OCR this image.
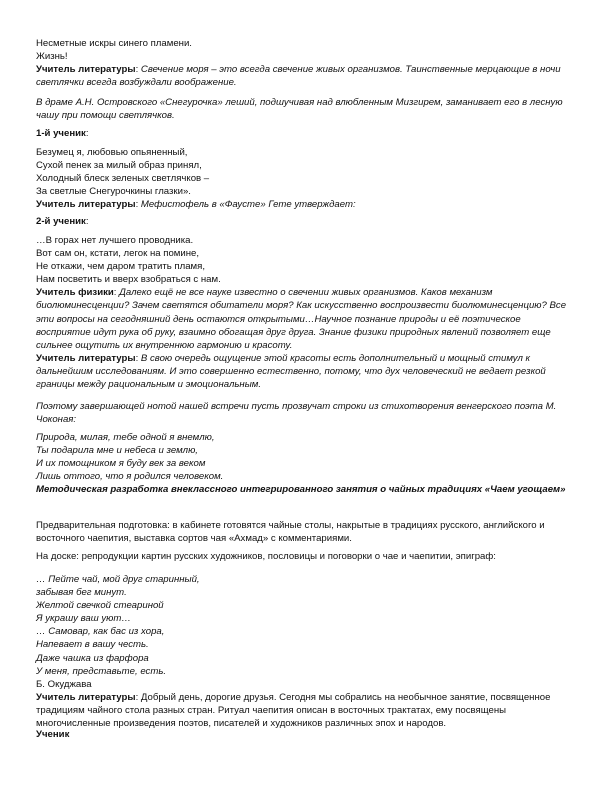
Несметные искры синего пламени.

Жизнь!

Учитель литературы: Свечение моря – это всегда свечение живых организмов. Таинственные мерцающие в ночи светлячки всегда возбуждали воображение.

В драме А.Н. Островского «Снегурочка» леший, подшучивая над влюбленным Мизгирем, заманивает его в лесную чашу при помощи светлячков.

1-й ученик:

Безумец я, любовью опьяненный,

Сухой пенек за милый образ принял,

Холодный блеск зеленых светлячков –

За светлые Снегурочкины глазки».

Учитель литературы: Мефистофель в «Фаусте» Гете утверждает:

2-й ученик:

…В горах нет лучшего проводника.

Вот сам он, кстати, легок на помине,

Не откажи, чем даром тратить пламя,

Нам посветить и вверх взобраться с нам.

Учитель физики: Далеко ещё не все науке известно о свечении живых организмов. Каков механизм биолюминесценции? Зачем светятся обитатели моря? Как искусственно воспроизвести биолюминесценцию? Все эти вопросы на сегодняшний день остаются открытыми…Научное познание природы и её поэтическое восприятие идут рука об руку, взаимно обогащая друг друга. Знание физики природных явлений позволяет еще сильнее ощутить их внутреннюю гармонию и красоту.

Учитель литературы: В свою очередь ощущение этой красоты есть дополнительный и мощный стимул к дальнейшим исследованиям. И это совершенно естественно, потому, что дух человеческий не ведает резкой границы между рациональным и эмоциональным.

Поэтому завершающей нотой нашей встречи пусть прозвучат строки из стихотворения венгерского поэта М. Чоконая:

Природа, милая, тебе одной я внемлю,

Ты подарила мне и небеса и землю,

И их помощником я буду век за веком

Лишь оттого, что я родился человеком.

Методическая разработка внеклассного интегрированного занятия о чайных традициях «Чаем угощаем»

Предварительная подготовка: в кабинете готовятся чайные столы, накрытые в традициях русского, английского и восточного чаепития, выставка сортов чая «Ахмад» с комментариями.

На доске: репродукции картин русских художников, пословицы и поговорки о чае и чаепитии, эпиграф:

… Пейте чай, мой друг старинный,

забывая бег минут.

Желтой свечкой стеариной

Я украшу ваш уют…

… Самовар, как бас из хора,

Напевает в вашу честь.

Даже чашка из фарфора

У меня, представьте, есть.

Б. Окуджава

Учитель литературы: Добрый день, дорогие друзья. Сегодня мы собрались на необычное занятие, посвященное традициям чайного стола разных стран. Ритуал чаепития описан в восточных трактатах, ему посвящены многочисленные произведения поэтов, писателей и художников различных эпох и народов.

Ученик
